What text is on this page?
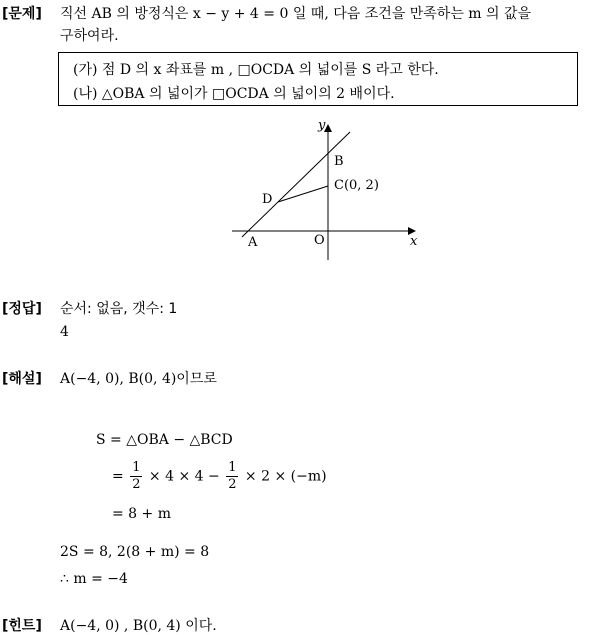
[문제] 직선 AB 의 방정식은 x − y + 4 = 0 일 때, 다음 조건을 만족하는 m 의 값을
구하여라.
(가) 점 D 의 x 좌표를 m , □OCDA 의 넓이를 S 라고 한다.
(나) △OBA 의 넓이가 □OCDA 의 넓이의 2 배이다.
y
x
B
C(0, 2)
D
A	O
[정답] 순서: 없음, 갯수: 1
4
[해설] A(−4, 0), B(0, 4)이므로
S = △OBA − △BCD
= $\frac{1}{2} \times 4 \times 4 - \frac{1}{2} \times 2 \times (-m)$
= 8 + m
2S = 8, 2(8 + m) = 8
∴ m = −4
[힌트] A(−4, 0) , B(0, 4) 이다.
